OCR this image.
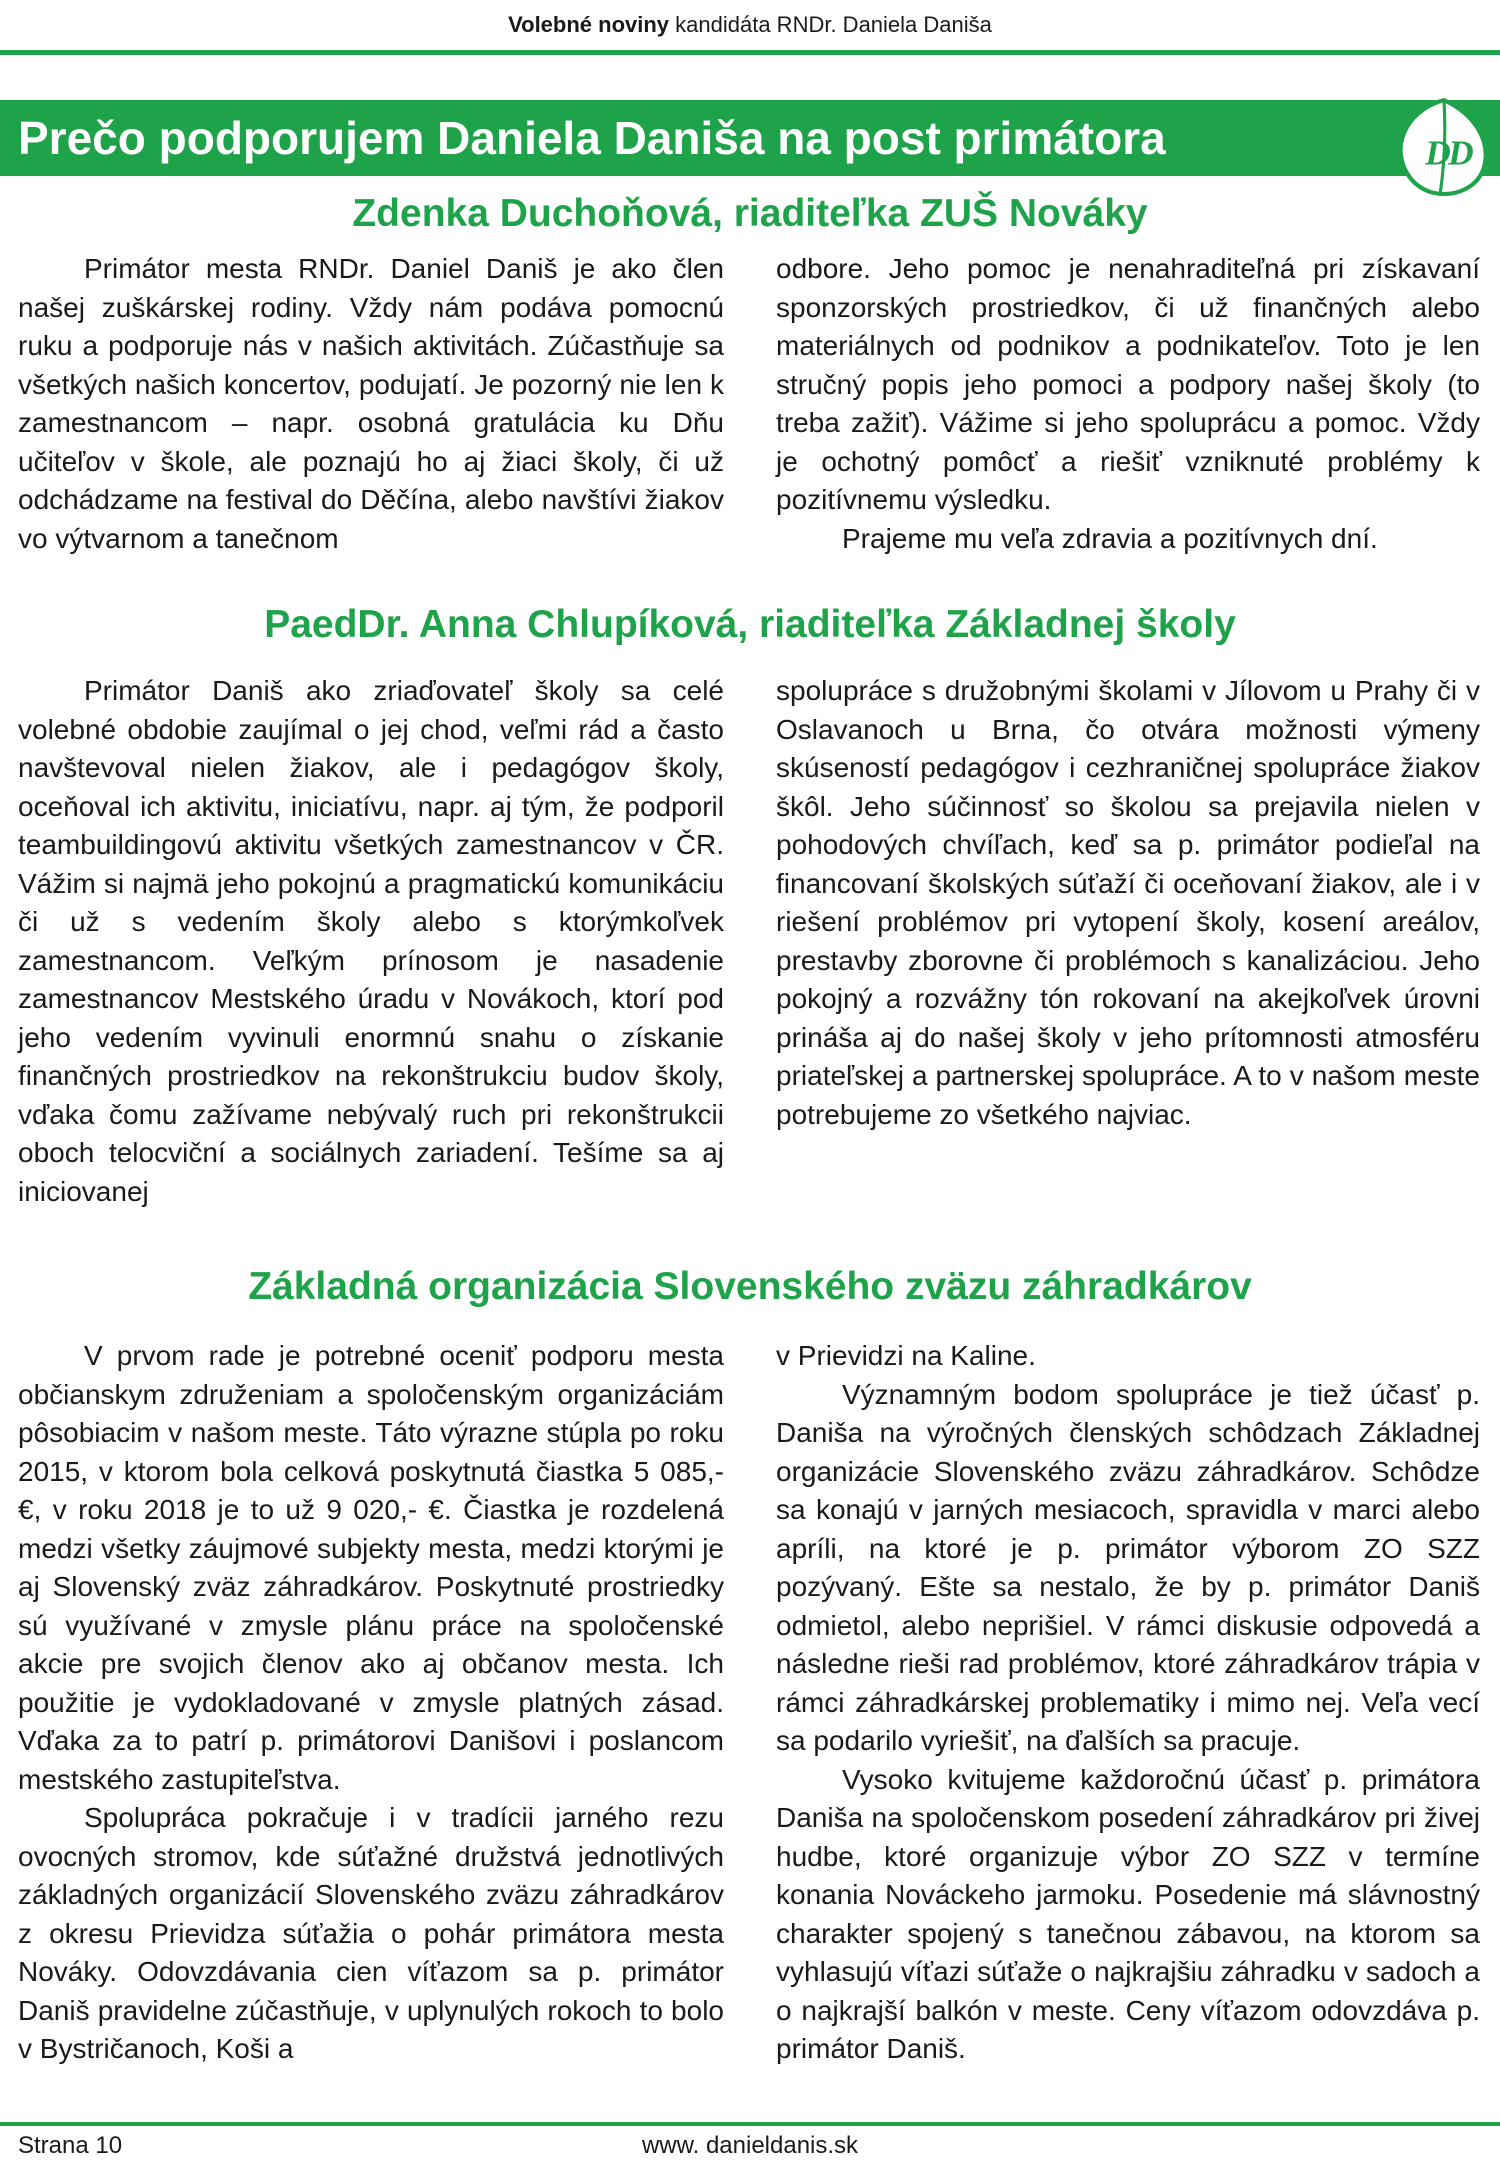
Volebné noviny kandidáta RNDr. Daniela Daniša
Prečo podporujem Daniela Daniša na post primátora	D
D
Zdenka Duchoňová, riaditeľka ZUŠ Nováky

Primátor mesta RNDr. Daniel Daniš je ako člen našej zuškárskej rodiny. Vždy nám podáva pomocnú ruku a podporuje nás v našich aktivitách. Zúčastňuje sa všetkých našich koncertov, podujatí. Je pozorný nie len k zamestnancom – napr. osobná gratulácia ku Dňu učiteľov v škole, ale poznajú ho aj žiaci školy, či už odchádzame na festival do Děčína, alebo navštívi žiakov vo výtvarnom a tanečnom

odbore. Jeho pomoc je nenahraditeľná pri získavaní sponzorských prostriedkov, či už finančných alebo materiálnych od podnikov a podnikateľov. Toto je len stručný popis jeho pomoci a podpory našej školy (to treba zažiť). Vážime si jeho spoluprácu a pomoc. Vždy je ochotný pomôcť a riešiť vzniknuté problémy k pozitívnemu výsledku.

Prajeme mu veľa zdravia a pozitívnych dní.

PaedDr. Anna Chlupíková, riaditeľka Základnej školy

Primátor Daniš ako zriaďovateľ školy sa celé volebné obdobie zaujímal o jej chod, veľmi rád a často navštevoval nielen žiakov, ale i pedagógov školy, oceňoval ich aktivitu, iniciatívu, napr. aj tým, že podporil teambuildingovú aktivitu všetkých zamestnancov v ČR. Vážim si najmä jeho pokojnú a pragmatickú komunikáciu či už s vedením školy alebo s ktorýmkoľvek zamestnancom. Veľkým prínosom je nasadenie zamestnancov Mestského úradu v Novákoch, ktorí pod jeho vedením vyvinuli enormnú snahu o získanie finančných prostriedkov na rekonštrukciu budov školy, vďaka čomu zažívame nebývalý ruch pri rekonštrukcii oboch telocviční a sociálnych zariadení. Tešíme sa aj iniciovanej

spolupráce s družobnými školami v Jílovom u Prahy či v Oslavanoch u Brna, čo otvára možnosti výmeny skúseností pedagógov i cezhraničnej spolupráce žiakov škôl. Jeho súčinnosť so školou sa prejavila nielen v pohodových chvíľach, keď sa p. primátor podieľal na financovaní školských súťaží či oceňovaní žiakov, ale i v riešení problémov pri vytopení školy, kosení areálov, prestavby zborovne či problémoch s kanalizáciou. Jeho pokojný a rozvážny tón rokovaní na akejkoľvek úrovni prináša aj do našej školy v jeho prítomnosti atmosféru priateľskej a partnerskej spolupráce. A to v našom meste potrebujeme zo všetkého najviac.

Základná organizácia Slovenského zväzu záhradkárov

V prvom rade je potrebné oceniť podporu mesta občianskym združeniam a spoločenským organizáciám pôsobiacim v našom meste. Táto výrazne stúpla po roku 2015, v ktorom bola celková poskytnutá čiastka 5 085,- €, v roku 2018 je to už 9 020,- €. Čiastka je rozdelená medzi všetky záujmové subjekty mesta, medzi ktorými je aj Slovenský zväz záhradkárov. Poskytnuté prostriedky sú využívané v zmysle plánu práce na spoločenské akcie pre svojich členov ako aj občanov mesta. Ich použitie je vydokladované v zmysle platných zásad. Vďaka za to patrí p. primátorovi Danišovi i poslancom mestského zastupiteľstva.

Spolupráca pokračuje i v tradícii jarného rezu ovocných stromov, kde súťažné družstvá jednotlivých základných organizácií Slovenského zväzu záhradkárov z okresu Prievidza súťažia o pohár primátora mesta Nováky. Odovzdávania cien víťazom sa p. primátor Daniš pravidelne zúčastňuje, v uplynulých rokoch to bolo v Bystričanoch, Koši a

v Prievidzi na Kaline.

Významným bodom spolupráce je tiež účasť p. Daniša na výročných členských schôdzach Základnej organizácie Slovenského zväzu záhradkárov. Schôdze sa konajú v jarných mesiacoch, spravidla v marci alebo apríli, na ktoré je p. primátor výborom ZO SZZ pozývaný. Ešte sa nestalo, že by p. primátor Daniš odmietol, alebo neprišiel. V rámci diskusie odpovedá a následne rieši rad problémov, ktoré záhradkárov trápia v rámci záhradkárskej problematiky i mimo nej. Veľa vecí sa podarilo vyriešiť, na ďalších sa pracuje.

Vysoko kvitujeme každoročnú účasť p. primátora Daniša na spoločenskom posedení záhradkárov pri živej hudbe, ktoré organizuje výbor ZO SZZ v termíne konania Nováckeho jarmoku. Posedenie má slávnostný charakter spojený s tanečnou zábavou, na ktorom sa vyhlasujú víťazi súťaže o najkrajšiu záhradku v sadoch a o najkrajší balkón v meste. Ceny víťazom odovzdáva p. primátor Daniš.

Strana 10	www. danieldanis.sk
